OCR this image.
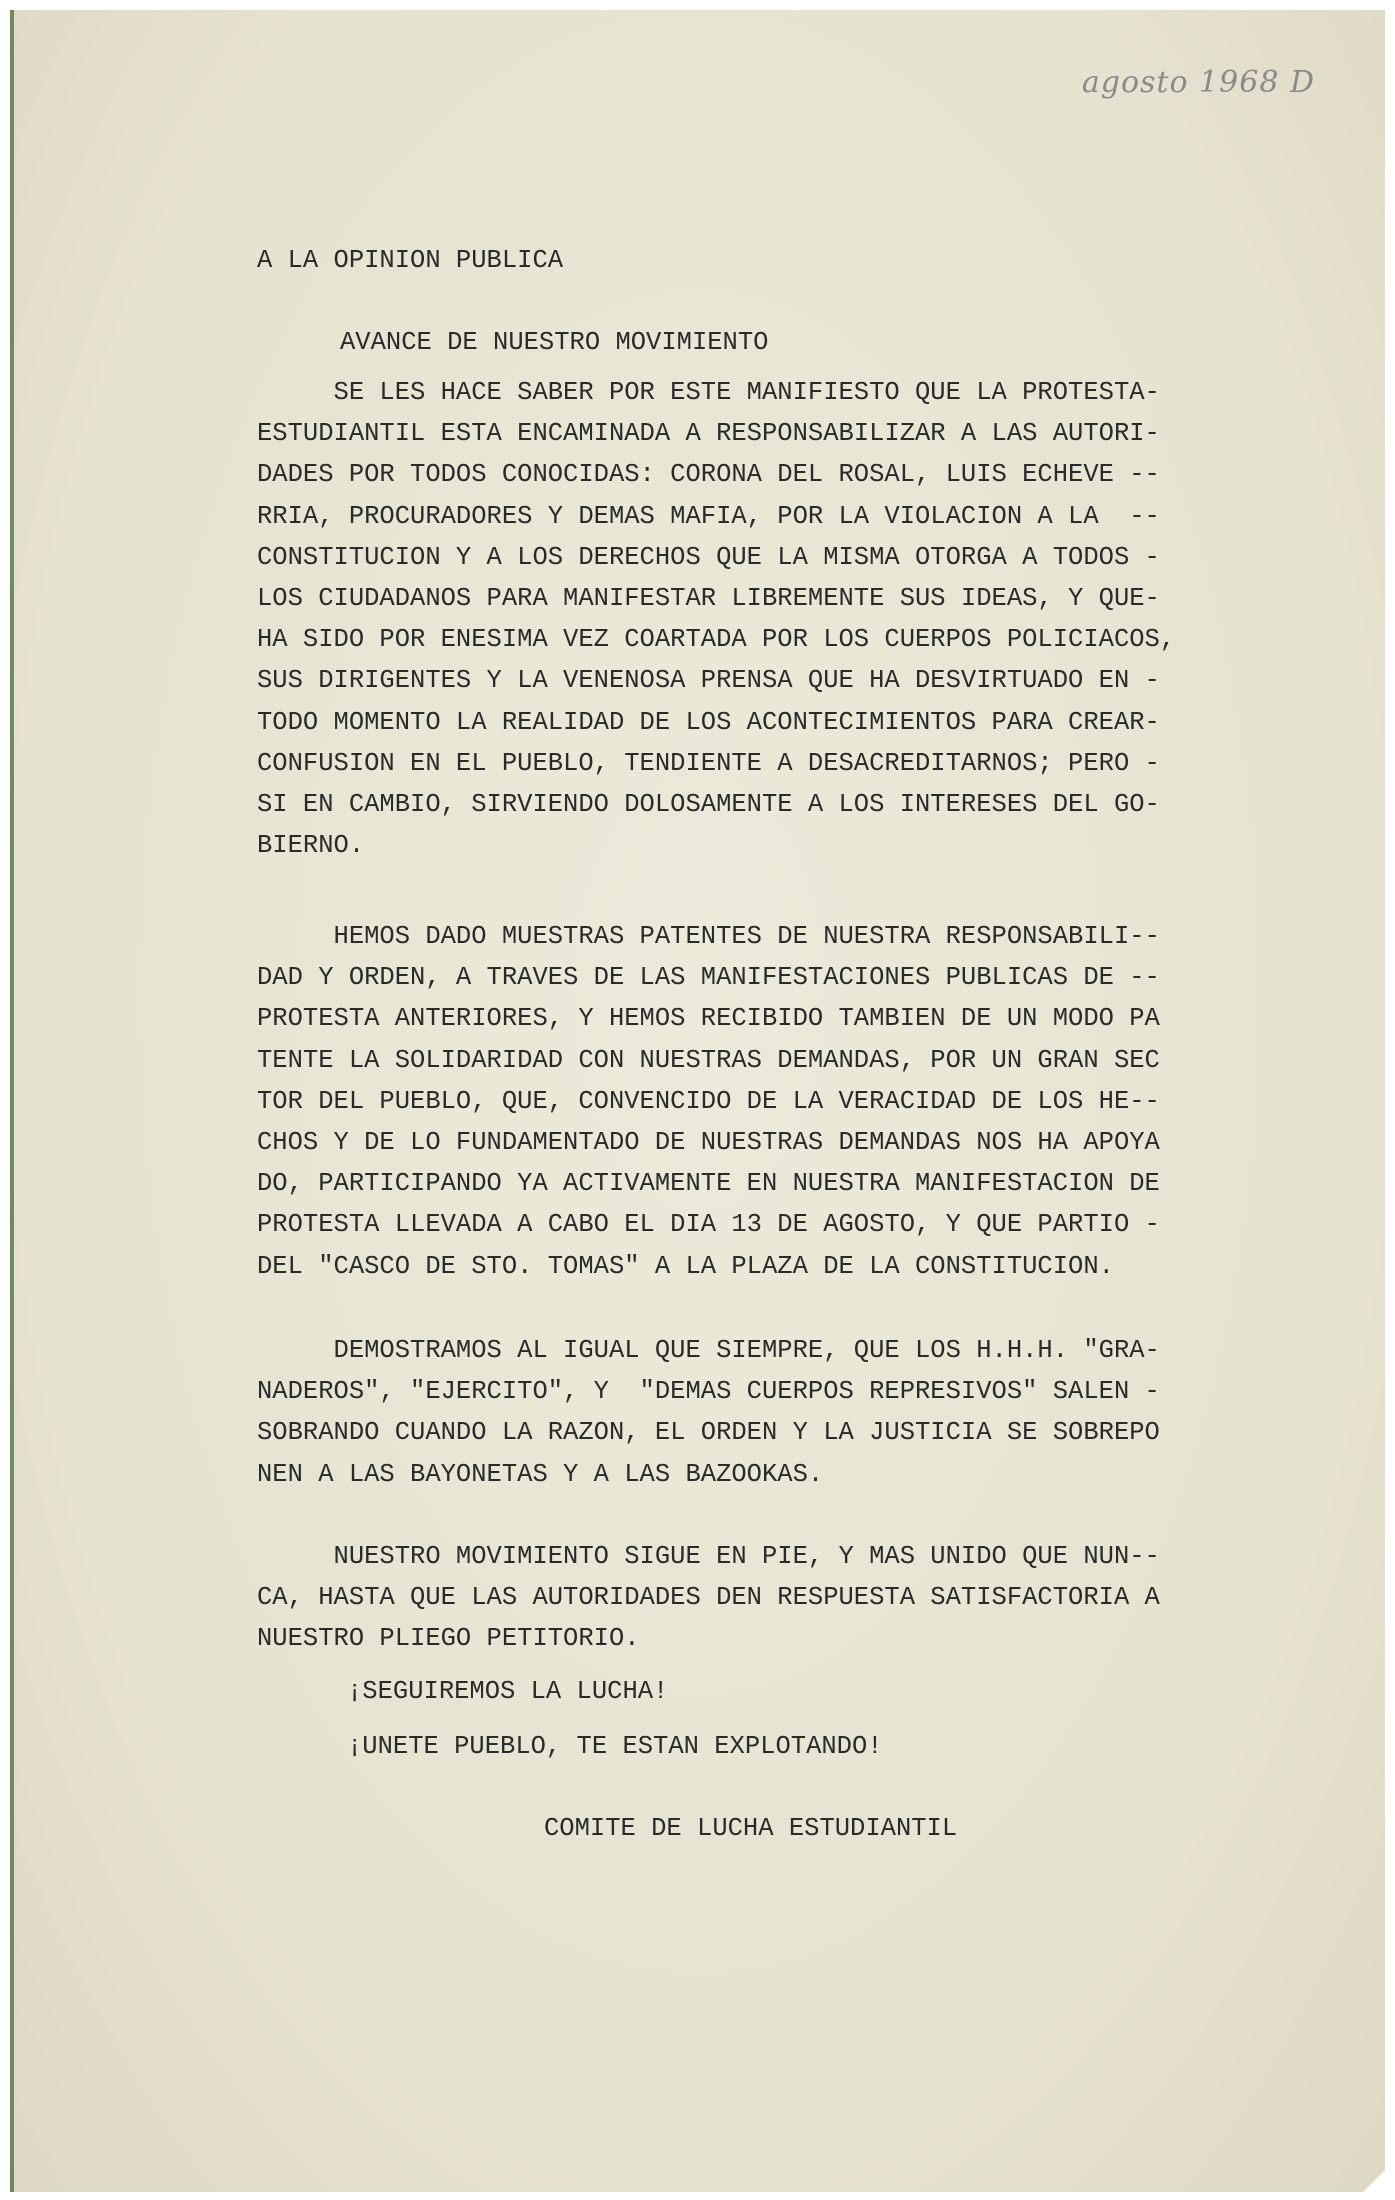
agosto 1968 D
A LA OPINION PUBLICA
AVANCE DE NUESTRO MOVIMIENTO
SE LES HACE SABER POR ESTE MANIFIESTO QUE LA PROTESTA-
ESTUDIANTIL ESTA ENCAMINADA A RESPONSABILIZAR A LAS AUTORI-
DADES POR TODOS CONOCIDAS: CORONA DEL ROSAL, LUIS ECHEVE --
RRIA, PROCURADORES Y DEMAS MAFIA, POR LA VIOLACION A LA  --
CONSTITUCION Y A LOS DERECHOS QUE LA MISMA OTORGA A TODOS -
LOS CIUDADANOS PARA MANIFESTAR LIBREMENTE SUS IDEAS, Y QUE-
HA SIDO POR ENESIMA VEZ COARTADA POR LOS CUERPOS POLICIACOS,
SUS DIRIGENTES Y LA VENENOSA PRENSA QUE HA DESVIRTUADO EN -
TODO MOMENTO LA REALIDAD DE LOS ACONTECIMIENTOS PARA CREAR-
CONFUSION EN EL PUEBLO, TENDIENTE A DESACREDITARNOS; PERO -
SI EN CAMBIO, SIRVIENDO DOLOSAMENTE A LOS INTERESES DEL GO-
BIERNO.
HEMOS DADO MUESTRAS PATENTES DE NUESTRA RESPONSABILI--
DAD Y ORDEN, A TRAVES DE LAS MANIFESTACIONES PUBLICAS DE --
PROTESTA ANTERIORES, Y HEMOS RECIBIDO TAMBIEN DE UN MODO PA
TENTE LA SOLIDARIDAD CON NUESTRAS DEMANDAS, POR UN GRAN SEC
TOR DEL PUEBLO, QUE, CONVENCIDO DE LA VERACIDAD DE LOS HE--
CHOS Y DE LO FUNDAMENTADO DE NUESTRAS DEMANDAS NOS HA APOYA
DO, PARTICIPANDO YA ACTIVAMENTE EN NUESTRA MANIFESTACION DE
PROTESTA LLEVADA A CABO EL DIA 13 DE AGOSTO, Y QUE PARTIO -
DEL "CASCO DE STO. TOMAS" A LA PLAZA DE LA CONSTITUCION.
DEMOSTRAMOS AL IGUAL QUE SIEMPRE, QUE LOS H.H.H. "GRA-
NADEROS", "EJERCITO", Y  "DEMAS CUERPOS REPRESIVOS" SALEN -
SOBRANDO CUANDO LA RAZON, EL ORDEN Y LA JUSTICIA SE SOBREPO
NEN A LAS BAYONETAS Y A LAS BAZOOKAS.
NUESTRO MOVIMIENTO SIGUE EN PIE, Y MAS UNIDO QUE NUN--
CA, HASTA QUE LAS AUTORIDADES DEN RESPUESTA SATISFACTORIA A
NUESTRO PLIEGO PETITORIO.
¡SEGUIREMOS LA LUCHA!
¡UNETE PUEBLO, TE ESTAN EXPLOTANDO!
COMITE DE LUCHA ESTUDIANTIL
